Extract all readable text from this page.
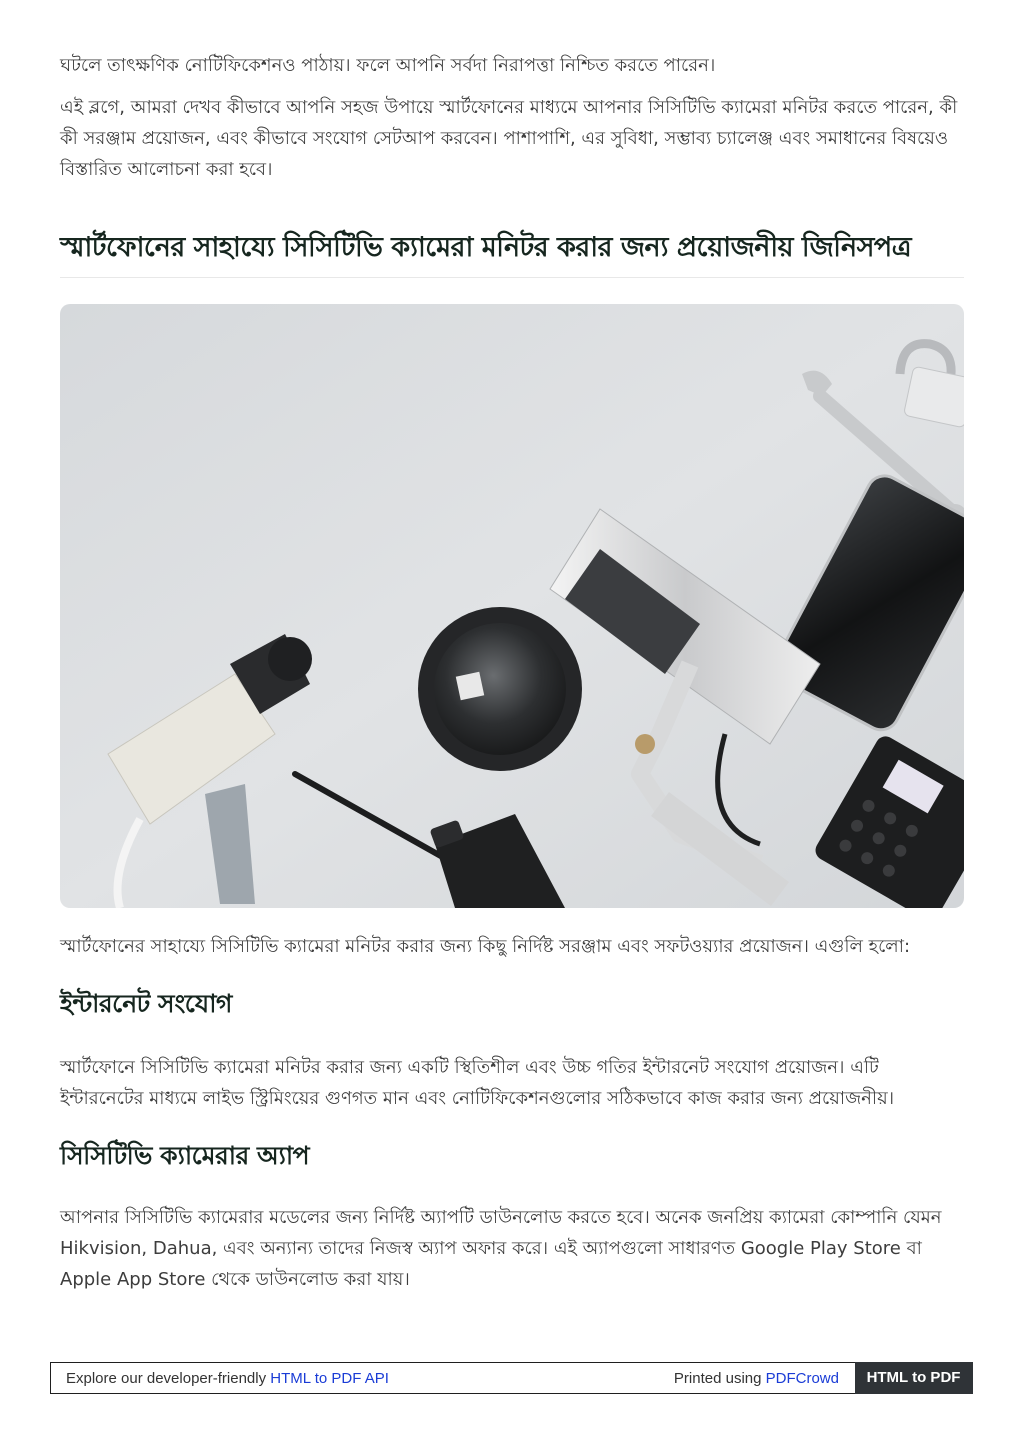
ঘটলে তাৎক্ষণিক নোটিফিকেশনও পাঠায়। ফলে আপনি সর্বদা নিরাপত্তা নিশ্চিত করতে পারেন।

এই ব্লগে, আমরা দেখব কীভাবে আপনি সহজ উপায়ে স্মার্টফোনের মাধ্যমে আপনার সিসিটিভি ক্যামেরা মনিটর করতে পারেন, কী কী সরঞ্জাম প্রয়োজন, এবং কীভাবে সংযোগ সেটআপ করবেন। পাশাপাশি, এর সুবিধা, সম্ভাব্য চ্যালেঞ্জ এবং সমাধানের বিষয়েও বিস্তারিত আলোচনা করা হবে।

স্মার্টফোনের সাহায্যে সিসিটিভি ক্যামেরা মনিটর করার জন্য প্রয়োজনীয় জিনিসপত্র

স্মার্টফোনের সাহায্যে সিসিটিভি ক্যামেরা মনিটর করার জন্য কিছু নির্দিষ্ট সরঞ্জাম এবং সফটওয়্যার প্রয়োজন। এগুলি হলো:

ইন্টারনেট সংযোগ

স্মার্টফোনে সিসিটিভি ক্যামেরা মনিটর করার জন্য একটি স্থিতিশীল এবং উচ্চ গতির ইন্টারনেট সংযোগ প্রয়োজন। এটি ইন্টারনেটের মাধ্যমে লাইভ স্ট্রিমিংয়ের গুণগত মান এবং নোটিফিকেশনগুলোর সঠিকভাবে কাজ করার জন্য প্রয়োজনীয়।

সিসিটিভি ক্যামেরার অ্যাপ

আপনার সিসিটিভি ক্যামেরার মডেলের জন্য নির্দিষ্ট অ্যাপটি ডাউনলোড করতে হবে। অনেক জনপ্রিয় ক্যামেরা কোম্পানি যেমন Hikvision, Dahua, এবং অন্যান্য তাদের নিজস্ব অ্যাপ অফার করে। এই অ্যাপগুলো সাধারণত Google Play Store বা Apple App Store থেকে ডাউনলোড করা যায়।

Explore our developer-friendly HTML to PDF API	Printed using PDFCrowd	HTML to PDF
